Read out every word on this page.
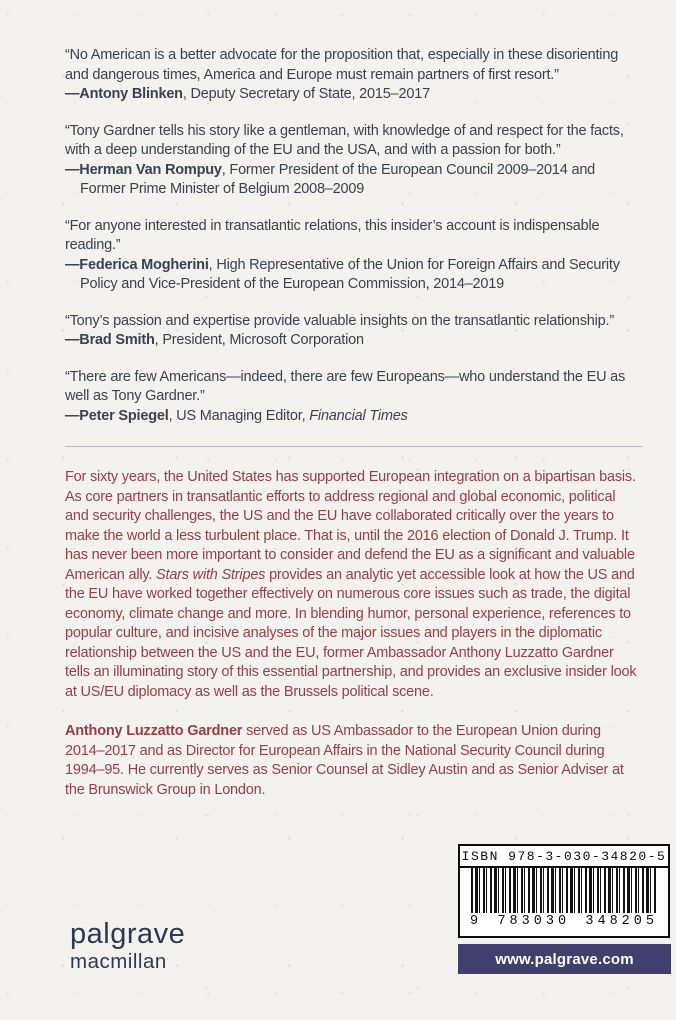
“No American is a better advocate for the proposition that, especially in these disorienting and dangerous times, America and Europe must remain partners of first resort.”

—Antony Blinken, Deputy Secretary of State, 2015–2017

“Tony Gardner tells his story like a gentleman, with knowledge of and respect for the facts, with a deep understanding of the EU and the USA, and with a passion for both.”

—Herman Van Rompuy, Former President of the European Council 2009–2014 and Former Prime Minister of Belgium 2008–2009

“For anyone interested in transatlantic relations, this insider’s account is indispensable reading.”

—Federica Mogherini, High Representative of the Union for Foreign Affairs and Security Policy and Vice-President of the European Commission, 2014–2019

“Tony’s passion and expertise provide valuable insights on the transatlantic relationship.”

—Brad Smith, President, Microsoft Corporation

“There are few Americans—indeed, there are few Europeans—who understand the EU as well as Tony Gardner.”

—Peter Spiegel, US Managing Editor, Financial Times

For sixty years, the United States has supported European integration on a bipartisan basis. As core partners in transatlantic efforts to address regional and global economic, political and security challenges, the US and the EU have collaborated critically over the years to make the world a less turbulent place. That is, until the 2016 election of Donald J. Trump. It has never been more important to consider and defend the EU as a significant and valuable American ally. Stars with Stripes provides an analytic yet accessible look at how the US and the EU have worked together effectively on numerous core issues such as trade, the digital economy, climate change and more. In blending humor, personal experience, references to popular culture, and incisive analyses of the major issues and players in the diplomatic relationship between the US and the EU, former Ambassador Anthony Luzzatto Gardner tells an illuminating story of this essential partnership, and provides an exclusive insider look at US/EU diplomacy as well as the Brussels political scene.

Anthony Luzzatto Gardner served as US Ambassador to the European Union during 2014–2017 and as Director for European Affairs in the National Security Council during 1994–95. He currently serves as Senior Counsel at Sidley Austin and as Senior Adviser at the Brunswick Group in London.

palgrave
macmillan
ISBN 978-3-030-34820-5
9 783030 348205
www.palgrave.com
